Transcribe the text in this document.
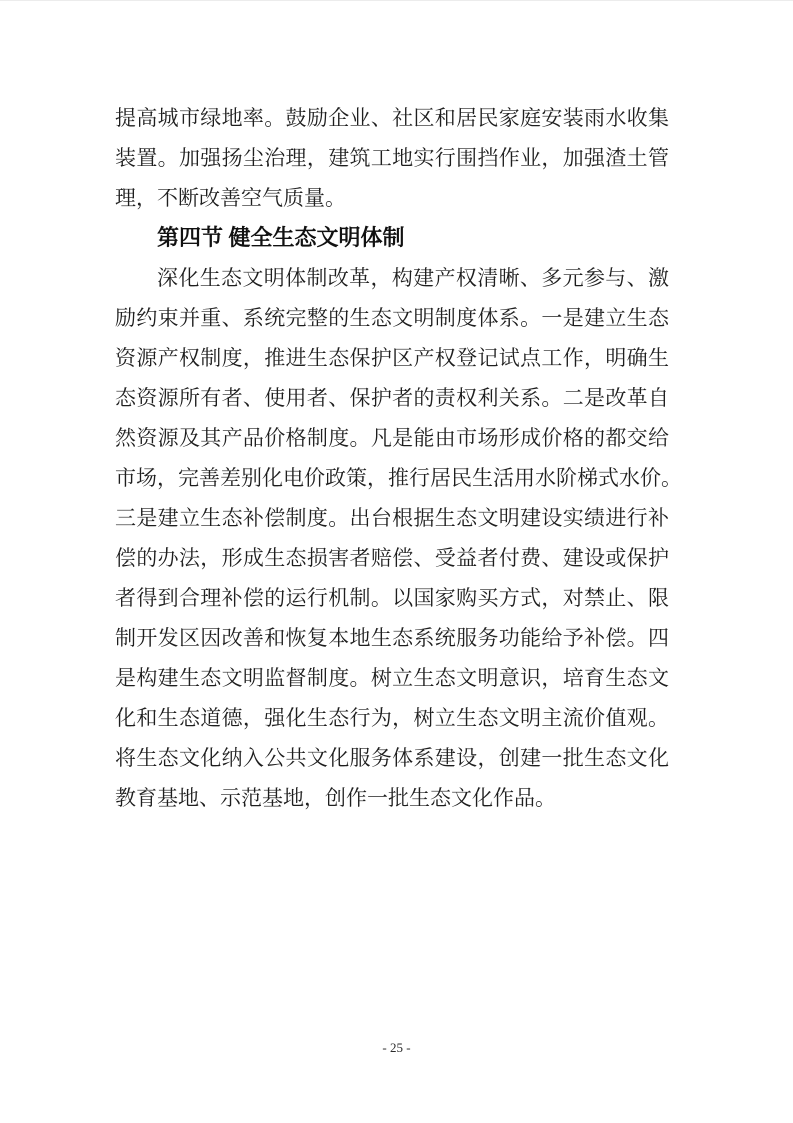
提高城市绿地率。鼓励企业、社区和居民家庭安装雨水收集
装置。加强扬尘治理，建筑工地实行围挡作业，加强渣土管
理，不断改善空气质量。
第四节 健全生态文明体制
深化生态文明体制改革，构建产权清晰、多元参与、激
励约束并重、系统完整的生态文明制度体系。一是建立生态
资源产权制度，推进生态保护区产权登记试点工作，明确生
态资源所有者、使用者、保护者的责权利关系。二是改革自
然资源及其产品价格制度。凡是能由市场形成价格的都交给
市场，完善差别化电价政策，推行居民生活用水阶梯式水价。
三是建立生态补偿制度。出台根据生态文明建设实绩进行补
偿的办法，形成生态损害者赔偿、受益者付费、建设或保护
者得到合理补偿的运行机制。以国家购买方式，对禁止、限
制开发区因改善和恢复本地生态系统服务功能给予补偿。四
是构建生态文明监督制度。树立生态文明意识，培育生态文
化和生态道德，强化生态行为，树立生态文明主流价值观。
将生态文化纳入公共文化服务体系建设，创建一批生态文化
教育基地、示范基地，创作一批生态文化作品。
- 25 -
